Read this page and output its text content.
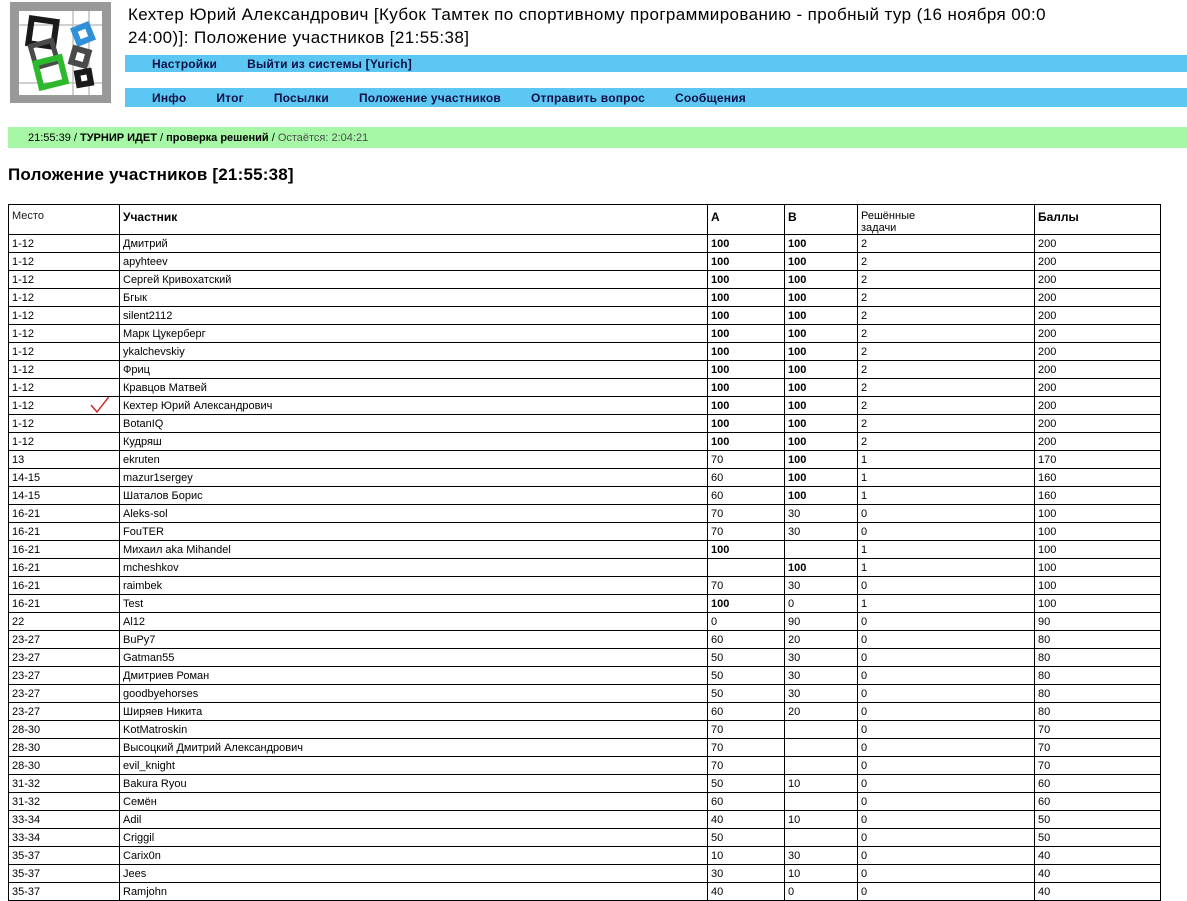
Кехтер Юрий Александрович [Кубок Тамтек по спортивному программированию - пробный тур (16 ноября 00:0
24:00)]: Положение участников [21:55:38]
Настройки	Выйти из системы [Yurich]
Инфо	Итог	Посылки	Положение участников	Отправить вопрос	Сообщения
21:55:39 / ТУРНИР ИДЕТ / проверка решений / Остаётся: 2:04:21
Положение участников [21:55:38]
Место	Участник	A	B	Решённые
задачи	Баллы
1-12	Дмитрий	100	100	2	200
1-12	apyhteev	100	100	2	200
1-12	Сергей Кривохатский	100	100	2	200
1-12	Бгык	100	100	2	200
1-12	silent2112	100	100	2	200
1-12	Марк Цукерберг	100	100	2	200
1-12	ykalchevskiy	100	100	2	200
1-12	Фриц	100	100	2	200
1-12	Кравцов Матвей	100	100	2	200
1-12	Кехтер Юрий Александрович	100	100	2	200
1-12	BotanIQ	100	100	2	200
1-12	Кудряш	100	100	2	200
13	ekruten	70	100	1	170
14-15	mazur1sergey	60	100	1	160
14-15	Шаталов Борис	60	100	1	160
16-21	Aleks-sol	70	30	0	100
16-21	FouTER	70	30	0	100
16-21	Михаил aka Mihandel	100		1	100
16-21	mcheshkov		100	1	100
16-21	raimbek	70	30	0	100
16-21	Test	100	0	1	100
22	Al12	0	90	0	90
23-27	BuPy7	60	20	0	80
23-27	Gatman55	50	30	0	80
23-27	Дмитриев Роман	50	30	0	80
23-27	goodbyehorses	50	30	0	80
23-27	Ширяев Никита	60	20	0	80
28-30	KotMatroskin	70		0	70
28-30	Высоцкий Дмитрий Александрович	70		0	70
28-30	evil_knight	70		0	70
31-32	Bakura Ryou	50	10	0	60
31-32	Семён	60		0	60
33-34	Adil	40	10	0	50
33-34	Criggil	50		0	50
35-37	Carix0n	10	30	0	40
35-37	Jees	30	10	0	40
35-37	Ramjohn	40	0	0	40
